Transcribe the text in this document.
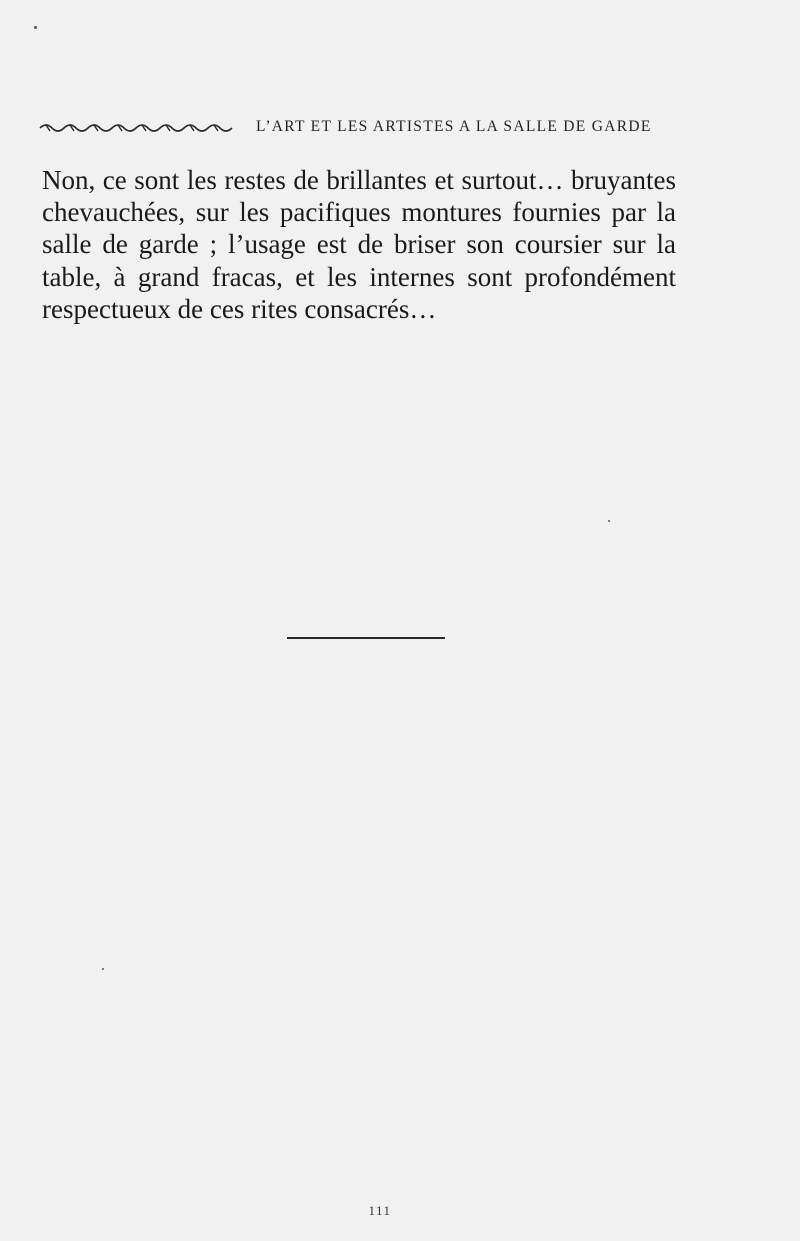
L’ART ET LES ARTISTES A LA SALLE DE GARDE

Non, ce sont les restes de brillantes et surtout… bruyantes chevauchées, sur les pacifiques montures fournies par la salle de garde ; l’usage est de briser son coursier sur la table, à grand fracas, et les internes sont profondément respectueux de ces rites consacrés…

111
